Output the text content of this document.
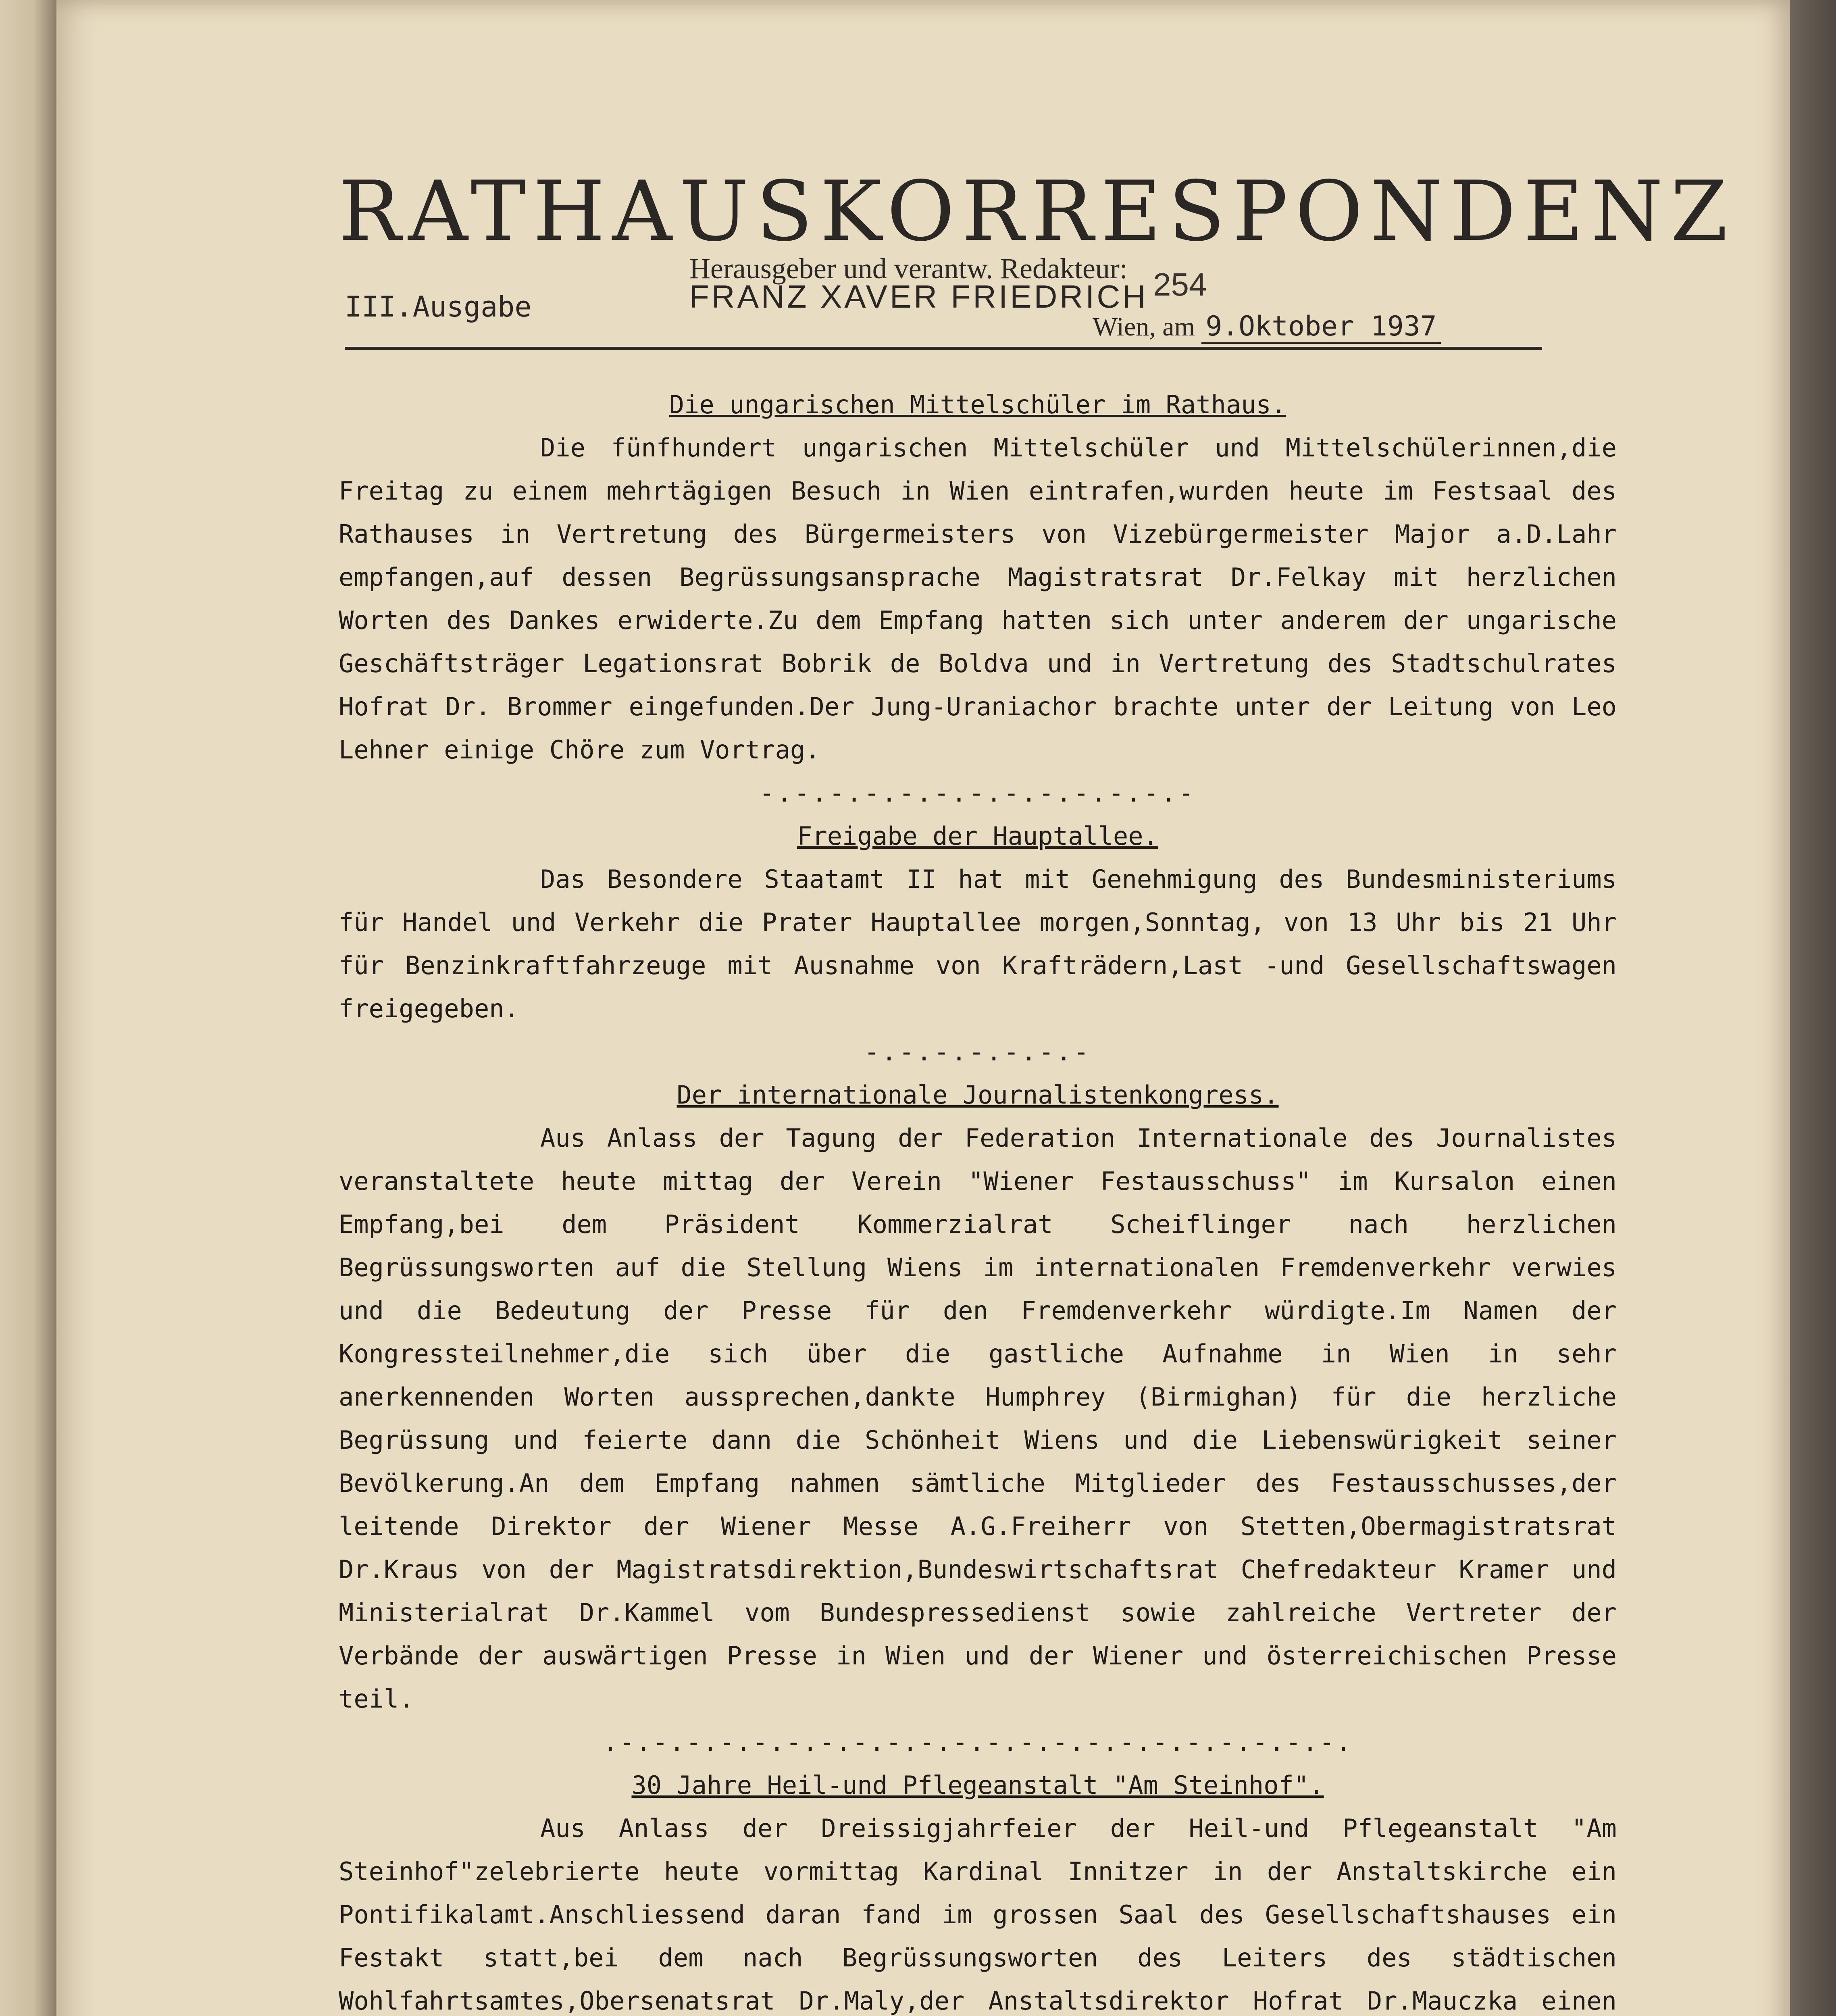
RATHAUSKORRESPONDENZ
III.Ausgabe
Herausgeber und verantw. Redakteur:
FRANZ XAVER FRIEDRICH 254
Wien, am 9.Oktober 1937

Die ungarischen Mittelschüler im Rathaus.

Die fünfhundert ungarischen Mittelschüler und Mittelschülerinnen,die Freitag zu einem mehrtägigen Besuch in Wien eintrafen,wurden heute im Festsaal des Rathauses in Vertretung des Bürgermeisters von Vizebürgermeister Major a.D.Lahr empfangen,auf dessen Begrüssungsansprache Magistratsrat Dr.Felkay mit herzlichen Worten des Dankes erwiderte.Zu dem Empfang hatten sich unter anderem der ungarische Geschäftsträger Legationsrat Bobrik de Boldva und in Vertretung des Stadtschulrates Hofrat Dr. Brommer eingefunden.Der Jung-Uraniachor brachte unter der Leitung von Leo Lehner einige Chöre zum Vortrag.

-.-.-.-.-.-.-.-.-.-.-.-.-

Freigabe der Hauptallee.

Das Besondere Staatamt II hat mit Genehmigung des Bundesministeriums für Handel und Verkehr die Prater Hauptallee morgen,Sonntag, von 13 Uhr bis 21 Uhr für Benzinkraftfahrzeuge mit Ausnahme von Krafträdern,Last -und Gesellschaftswagen freigegeben.

-.-.-.-.-.-.-

Der internationale Journalistenkongress.

Aus Anlass der Tagung der Federation Internationale des Journalistes veranstaltete heute mittag der Verein "Wiener Festausschuss" im Kursalon einen Empfang,bei dem Präsident Kommerzialrat Scheiflinger nach herzlichen Begrüssungsworten auf die Stellung Wiens im internationalen Fremdenverkehr verwies und die Bedeutung der Presse für den Fremdenverkehr würdigte.Im Namen der Kongressteilnehmer,die sich über die gastliche Aufnahme in Wien in sehr anerkennenden Worten aussprechen,dankte Humphrey (Birmighan) für die herzliche Begrüssung und feierte dann die Schönheit Wiens und die Liebenswürigkeit seiner Bevölkerung.An dem Empfang nahmen sämtliche Mitglieder des Festausschusses,der leitende Direktor der Wiener Messe A.G.Freiherr von Stetten,Obermagistratsrat Dr.Kraus von der Magistratsdirektion,Bundeswirtschaftsrat Chefredakteur Kramer und Ministerialrat Dr.Kammel vom Bundespressedienst sowie zahlreiche Vertreter der Verbände der auswärtigen Presse in Wien und der Wiener und österreichischen Presse teil.

.-.-.-.-.-.-.-.-.-.-.-.-.-.-.-.-.-.-.-.-.-.-.

30 Jahre Heil-und Pflegeanstalt "Am Steinhof".

Aus Anlass der Dreissigjahrfeier der Heil-und Pflegeanstalt "Am Steinhof"zelebrierte heute vormittag Kardinal Innitzer in der Anstaltskirche ein Pontifikalamt.Anschliessend daran fand im grossen Saal des Gesellschaftshauses ein Festakt statt,bei dem nach Begrüssungsworten des Leiters des städtischen Wohlfahrtsamtes,Obersenatsrat Dr.Maly,der Anstaltsdirektor Hofrat Dr.Mauczka einen
